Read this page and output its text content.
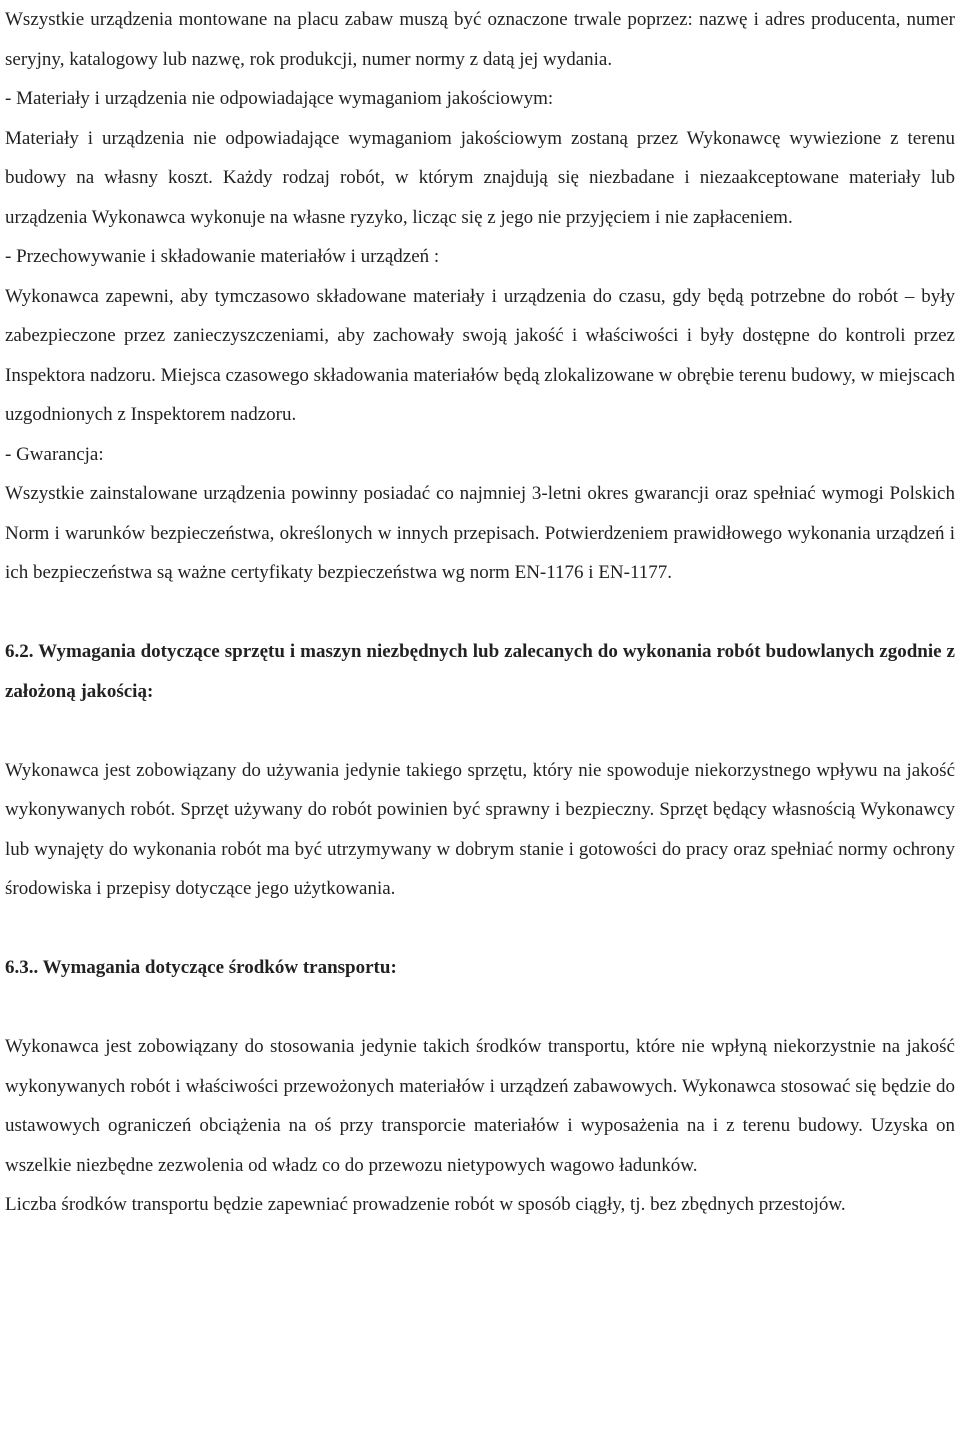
Wszystkie urządzenia montowane na placu zabaw muszą być oznaczone trwale poprzez: nazwę i adres producenta, numer seryjny, katalogowy lub nazwę, rok produkcji, numer normy z datą jej wydania.

- Materiały i urządzenia nie odpowiadające wymaganiom jakościowym:

Materiały i urządzenia nie odpowiadające wymaganiom jakościowym zostaną przez Wykonawcę wywiezione z terenu budowy na własny koszt. Każdy rodzaj robót, w którym znajdują się niezbadane i niezaakceptowane materiały lub urządzenia Wykonawca wykonuje na własne ryzyko, licząc się z jego nie przyjęciem i nie zapłaceniem.

- Przechowywanie i składowanie materiałów i urządzeń :

Wykonawca zapewni, aby tymczasowo składowane materiały i urządzenia do czasu, gdy będą potrzebne do robót – były zabezpieczone przez zanieczyszczeniami, aby zachowały swoją jakość i właściwości i były dostępne do kontroli przez Inspektora nadzoru. Miejsca czasowego składowania materiałów będą zlokalizowane w obrębie terenu budowy, w miejscach uzgodnionych z Inspektorem nadzoru.

- Gwarancja:

Wszystkie zainstalowane urządzenia powinny posiadać co najmniej 3-letni okres gwarancji oraz spełniać wymogi Polskich Norm i warunków bezpieczeństwa, określonych w innych przepisach. Potwierdzeniem prawidłowego wykonania urządzeń i ich bezpieczeństwa są ważne certyfikaty bezpieczeństwa wg norm EN-1176 i EN-1177.

6.2. Wymagania dotyczące sprzętu i maszyn niezbędnych lub zalecanych do wykonania robót budowlanych zgodnie z założoną jakością:

Wykonawca jest zobowiązany do używania jedynie takiego sprzętu, który nie spowoduje niekorzystnego wpływu na jakość wykonywanych robót. Sprzęt używany do robót powinien być sprawny i bezpieczny. Sprzęt będący własnością Wykonawcy lub wynajęty do wykonania robót ma być utrzymywany w dobrym stanie i gotowości do pracy oraz spełniać normy ochrony środowiska i przepisy dotyczące jego użytkowania.

6.3.. Wymagania dotyczące środków transportu:

Wykonawca jest zobowiązany do stosowania jedynie takich środków transportu, które nie wpłyną niekorzystnie na jakość wykonywanych robót i właściwości przewożonych materiałów i urządzeń zabawowych. Wykonawca stosować się będzie do ustawowych ograniczeń obciążenia na oś przy transporcie materiałów i wyposażenia na i z terenu budowy. Uzyska on wszelkie niezbędne zezwolenia od władz co do przewozu nietypowych wagowo ładunków.

Liczba środków transportu będzie zapewniać prowadzenie robót w sposób ciągły, tj. bez zbędnych przestojów.
